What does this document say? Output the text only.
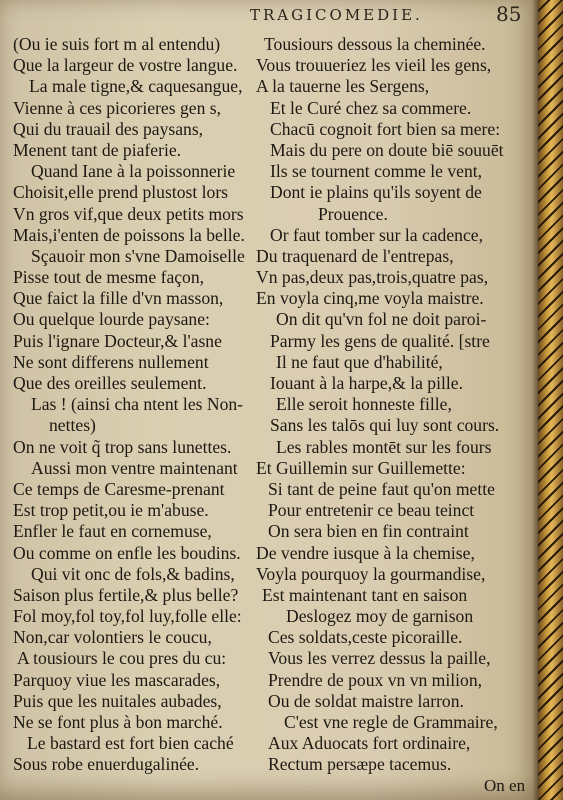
TRAGICOMEDIE.	85
(Ou ie suis fort m al entendu)
Que la largeur de vostre langue.
La male tigne,& caquesangue,
Vienne à ces picorieres gen s,
Qui du trauail des paysans,
Menent tant de piaferie.
Quand Iane à la poissonnerie
Choisit,elle prend plustost lors
Vn gros vif,que deux petits mors
Mais,i'enten de poissons la belle.
Sçauoir mon s'vne Damoiselle
Pisse tout de mesme façon,
Que faict la fille d'vn masson,
Ou quelque lourde paysane:
Puis l'ignare Docteur,& l'asne
Ne sont differens nullement
Que des oreilles seulement.
Las ! (ainsi cha ntent les Non-
nettes)
On ne voit q̃ trop sans lunettes.
Aussi mon ventre maintenant
Ce temps de Caresme-prenant
Est trop petit,ou ie m'abuse.
Enfler le faut en cornemuse,
Ou comme on enfle les boudins.
Qui vit onc de fols,& badins,
Saison plus fertile,& plus belle?
Fol moy,fol toy,fol luy,folle elle:
Non,car volontiers le coucu,
A tousiours le cou pres du cu:
Parquoy viue les mascarades,
Puis que les nuitales aubades,
Ne se font plus à bon marché.
Le bastard est fort bien caché
Sous robe enuerdugalinée.
Tousiours dessous la cheminée.
Vous trouueriez les vieil les gens,
A la tauerne les Sergens,
Et le Curé chez sa commere.
Chacū cognoit fort bien sa mere:
Mais du pere on doute biē souuēt
Ils se tournent comme le vent,
Dont ie plains qu'ils soyent de
Prouence.
Or faut tomber sur la cadence,
Du traquenard de l'entrepas,
Vn pas,deux pas,trois,quatre pas,
En voyla cinq,me voyla maistre.
On dit qu'vn fol ne doit paroi-
Parmy les gens de qualité. [stre
Il ne faut que d'habilité,
Iouant à la harpe,& la pille.
Elle seroit honneste fille,
Sans les talōs qui luy sont cours.
Les rables montēt sur les fours
Et Guillemin sur Guillemette:
Si tant de peine faut qu'on mette
Pour entretenir ce beau teinct
On sera bien en fin contraint
De vendre iusque à la chemise,
Voyla pourquoy la gourmandise,
Est maintenant tant en saison
Deslogez moy de garnison
Ces soldats,ceste picoraille.
Vous les verrez dessus la paille,
Prendre de poux vn vn milion,
Ou de soldat maistre larron.
C'est vne regle de Grammaire,
Aux Aduocats fort ordinaire,
Rectum persæpe tacemus.
On en
